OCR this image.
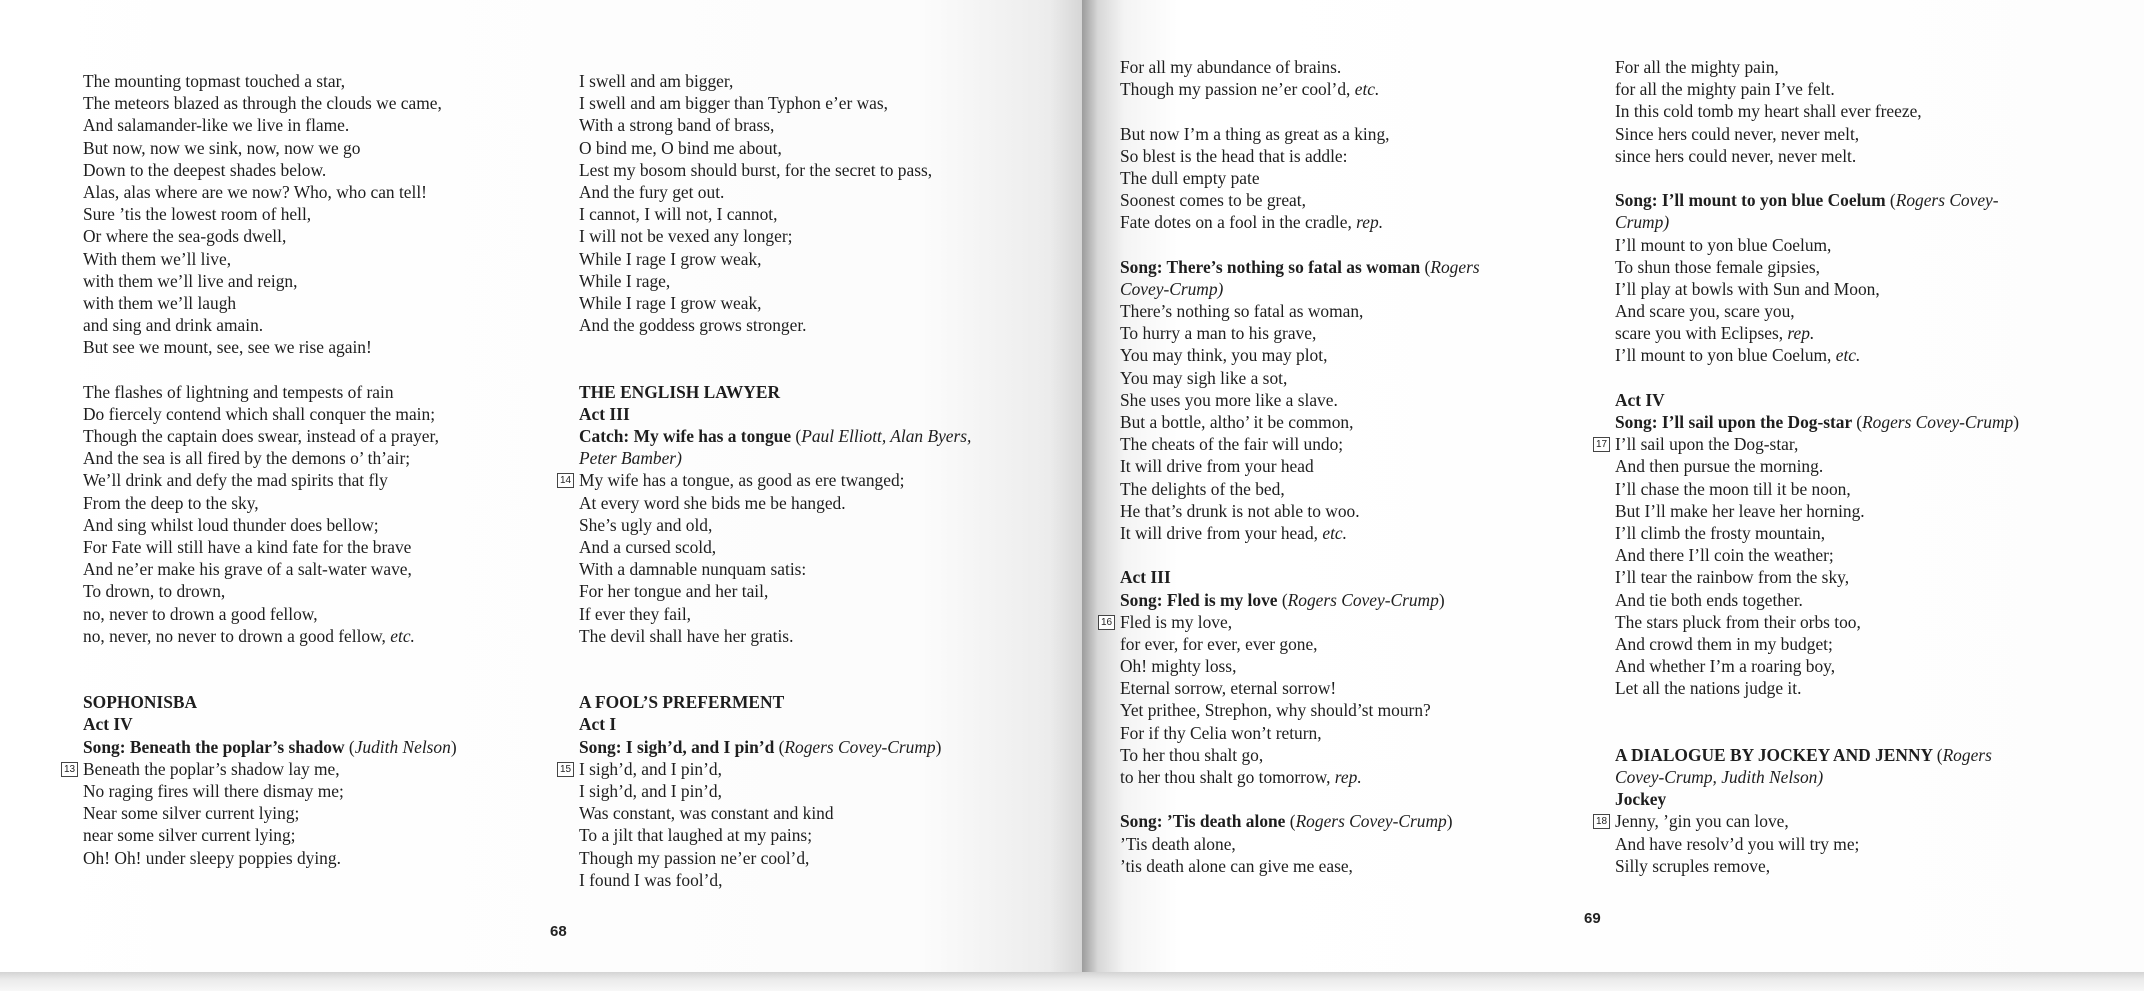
The mounting topmast touched a star,
The meteors blazed as through the clouds we came,
And salamander-like we live in flame.
But now, now we sink, now, now we go
Down to the deepest shades below.
Alas, alas where are we now? Who, who can tell!
Sure ’tis the lowest room of hell,
Or where the sea-gods dwell,
With them we’ll live,
with them we’ll live and reign,
with them we’ll laugh
and sing and drink amain.
But see we mount, see, see we rise again!
The flashes of lightning and tempests of rain
Do fiercely contend which shall conquer the main;
Though the captain does swear, instead of a prayer,
And the sea is all fired by the demons o’ th’air;
We’ll drink and defy the mad spirits that fly
From the deep to the sky,
And sing whilst loud thunder does bellow;
For Fate will still have a kind fate for the brave
And ne’er make his grave of a salt-water wave,
To drown, to drown,
no, never to drown a good fellow,
no, never, no never to drown a good fellow, etc.
SOPHONISBA
Act IV
Song: Beneath the poplar’s shadow (Judith Nelson)
13 Beneath the poplar’s shadow lay me,
No raging fires will there dismay me;
Near some silver current lying;
near some silver current lying;
Oh! Oh! under sleepy poppies dying.
I swell and am bigger,
I swell and am bigger than Typhon e’er was,
With a strong band of brass,
O bind me, O bind me about,
Lest my bosom should burst, for the secret to pass,
And the fury get out.
I cannot, I will not, I cannot,
I will not be vexed any longer;
While I rage I grow weak,
While I rage,
While I rage I grow weak,
And the goddess grows stronger.
THE ENGLISH LAWYER
Act III
Catch: My wife has a tongue (Paul Elliott, Alan Byers,
Peter Bamber)
14 My wife has a tongue, as good as ere twanged;
At every word she bids me be hanged.
She’s ugly and old,
And a cursed scold,
With a damnable nunquam satis:
For her tongue and her tail,
If ever they fail,
The devil shall have her gratis.
A FOOL’S PREFERMENT
Act I
Song: I sigh’d, and I pin’d (Rogers Covey-Crump)
15 I sigh’d, and I pin’d,
I sigh’d, and I pin’d,
Was constant, was constant and kind
To a jilt that laughed at my pains;
Though my passion ne’er cool’d,
I found I was fool’d,
68
For all my abundance of brains.
Though my passion ne’er cool’d, etc.
But now I’m a thing as great as a king,
So blest is the head that is addle:
The dull empty pate
Soonest comes to be great,
Fate dotes on a fool in the cradle, rep.
Song: There’s nothing so fatal as woman (Rogers
Covey-Crump)
There’s nothing so fatal as woman,
To hurry a man to his grave,
You may think, you may plot,
You may sigh like a sot,
She uses you more like a slave.
But a bottle, altho’ it be common,
The cheats of the fair will undo;
It will drive from your head
The delights of the bed,
He that’s drunk is not able to woo.
It will drive from your head, etc.
Act III
Song: Fled is my love (Rogers Covey-Crump)
16 Fled is my love,
for ever, for ever, ever gone,
Oh! mighty loss,
Eternal sorrow, eternal sorrow!
Yet prithee, Strephon, why should’st mourn?
For if thy Celia won’t return,
To her thou shalt go,
to her thou shalt go tomorrow, rep.
Song: ’Tis death alone (Rogers Covey-Crump)
’Tis death alone,
’tis death alone can give me ease,
For all the mighty pain,
for all the mighty pain I’ve felt.
In this cold tomb my heart shall ever freeze,
Since hers could never, never melt,
since hers could never, never melt.
Song: I’ll mount to yon blue Coelum (Rogers Covey-
Crump)
I’ll mount to yon blue Coelum,
To shun those female gipsies,
I’ll play at bowls with Sun and Moon,
And scare you, scare you,
scare you with Eclipses, rep.
I’ll mount to yon blue Coelum, etc.
Act IV
Song: I’ll sail upon the Dog-star (Rogers Covey-Crump)
17 I’ll sail upon the Dog-star,
And then pursue the morning.
I’ll chase the moon till it be noon,
But I’ll make her leave her horning.
I’ll climb the frosty mountain,
And there I’ll coin the weather;
I’ll tear the rainbow from the sky,
And tie both ends together.
The stars pluck from their orbs too,
And crowd them in my budget;
And whether I’m a roaring boy,
Let all the nations judge it.
A DIALOGUE BY JOCKEY AND JENNY (Rogers
Covey-Crump, Judith Nelson)
Jockey
18 Jenny, ’gin you can love,
And have resolv’d you will try me;
Silly scruples remove,
69
